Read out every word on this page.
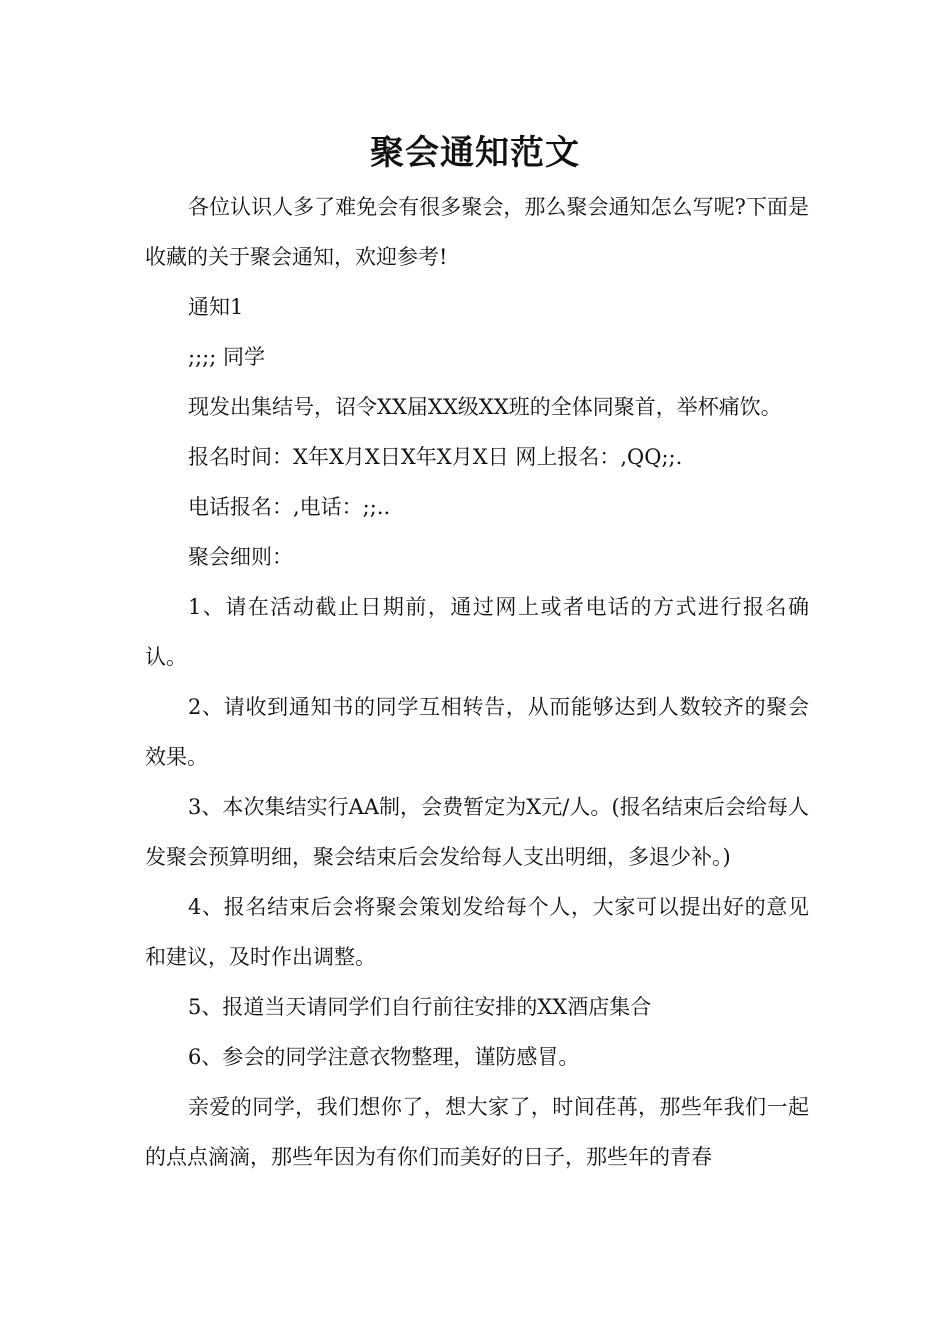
聚会通知范文

各位认识人多了难免会有很多聚会，那么聚会通知怎么写呢?下面是收藏的关于聚会通知，欢迎参考!

通知1

;;;; 同学

现发出集结号，诏令XX届XX级XX班的全体同聚首，举杯痛饮。

报名时间：X年X月X日X年X月X日 网上报名：,QQ;;.

电话报名：,电话：;;..

聚会细则：

1、请在活动截止日期前，通过网上或者电话的方式进行报名确认。

2、请收到通知书的同学互相转告，从而能够达到人数较齐的聚会效果。

3、本次集结实行AA制，会费暂定为X元/人。(报名结束后会给每人发聚会预算明细，聚会结束后会发给每人支出明细，多退少补。)

4、报名结束后会将聚会策划发给每个人，大家可以提出好的意见和建议，及时作出调整。

5、报道当天请同学们自行前往安排的XX酒店集合

6、参会的同学注意衣物整理，谨防感冒。

亲爱的同学，我们想你了，想大家了，时间荏苒，那些年我们一起的点点滴滴，那些年因为有你们而美好的日子，那些年的青春
